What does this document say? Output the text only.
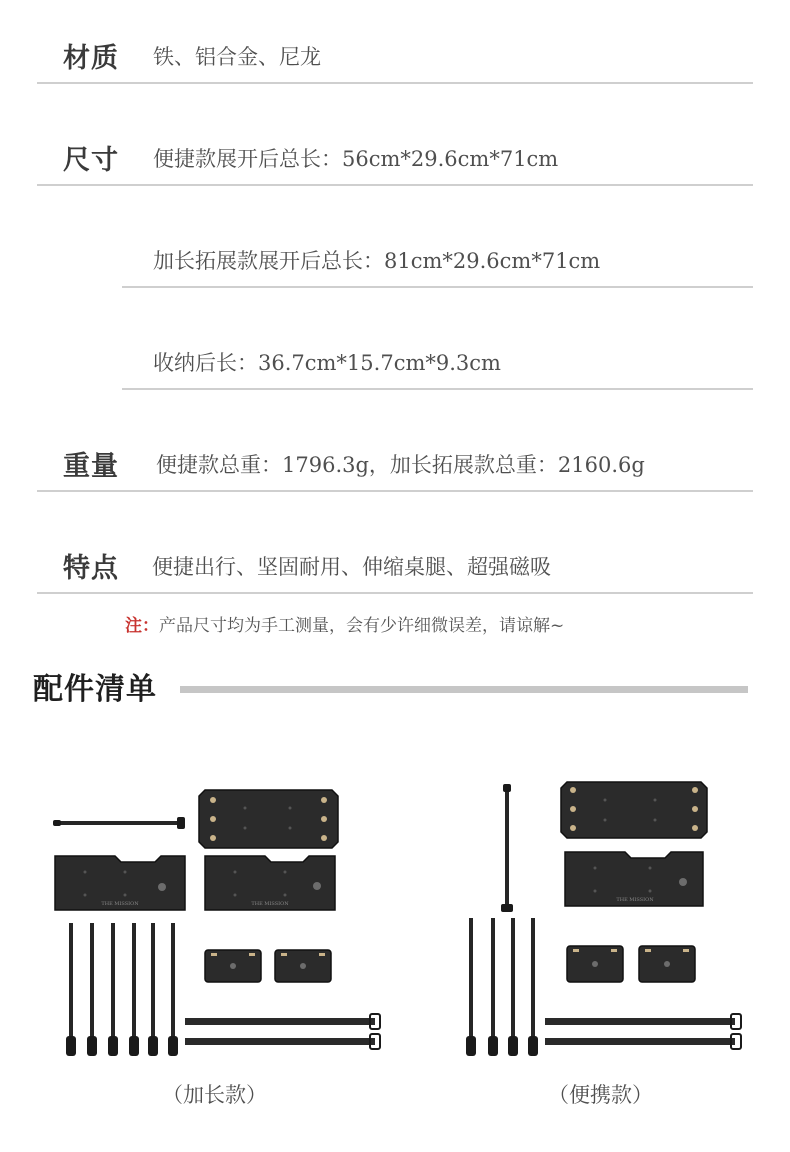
材质 铁、铝合金、尼龙
尺寸 便捷款展开后总长：56cm*29.6cm*71cm
加长拓展款展开后总长：81cm*29.6cm*71cm
收纳后长：36.7cm*15.7cm*9.3cm
重量 便捷款总重：1796.3g，加长拓展款总重：2160.6g
特点 便捷出行、坚固耐用、伸缩桌腿、超强磁吸
注：产品尺寸均为手工测量，会有少许细微误差，请谅解~
配件清单
THE MISSION	THE MISSION
（加长款）
THE MISSION
（便携款）
